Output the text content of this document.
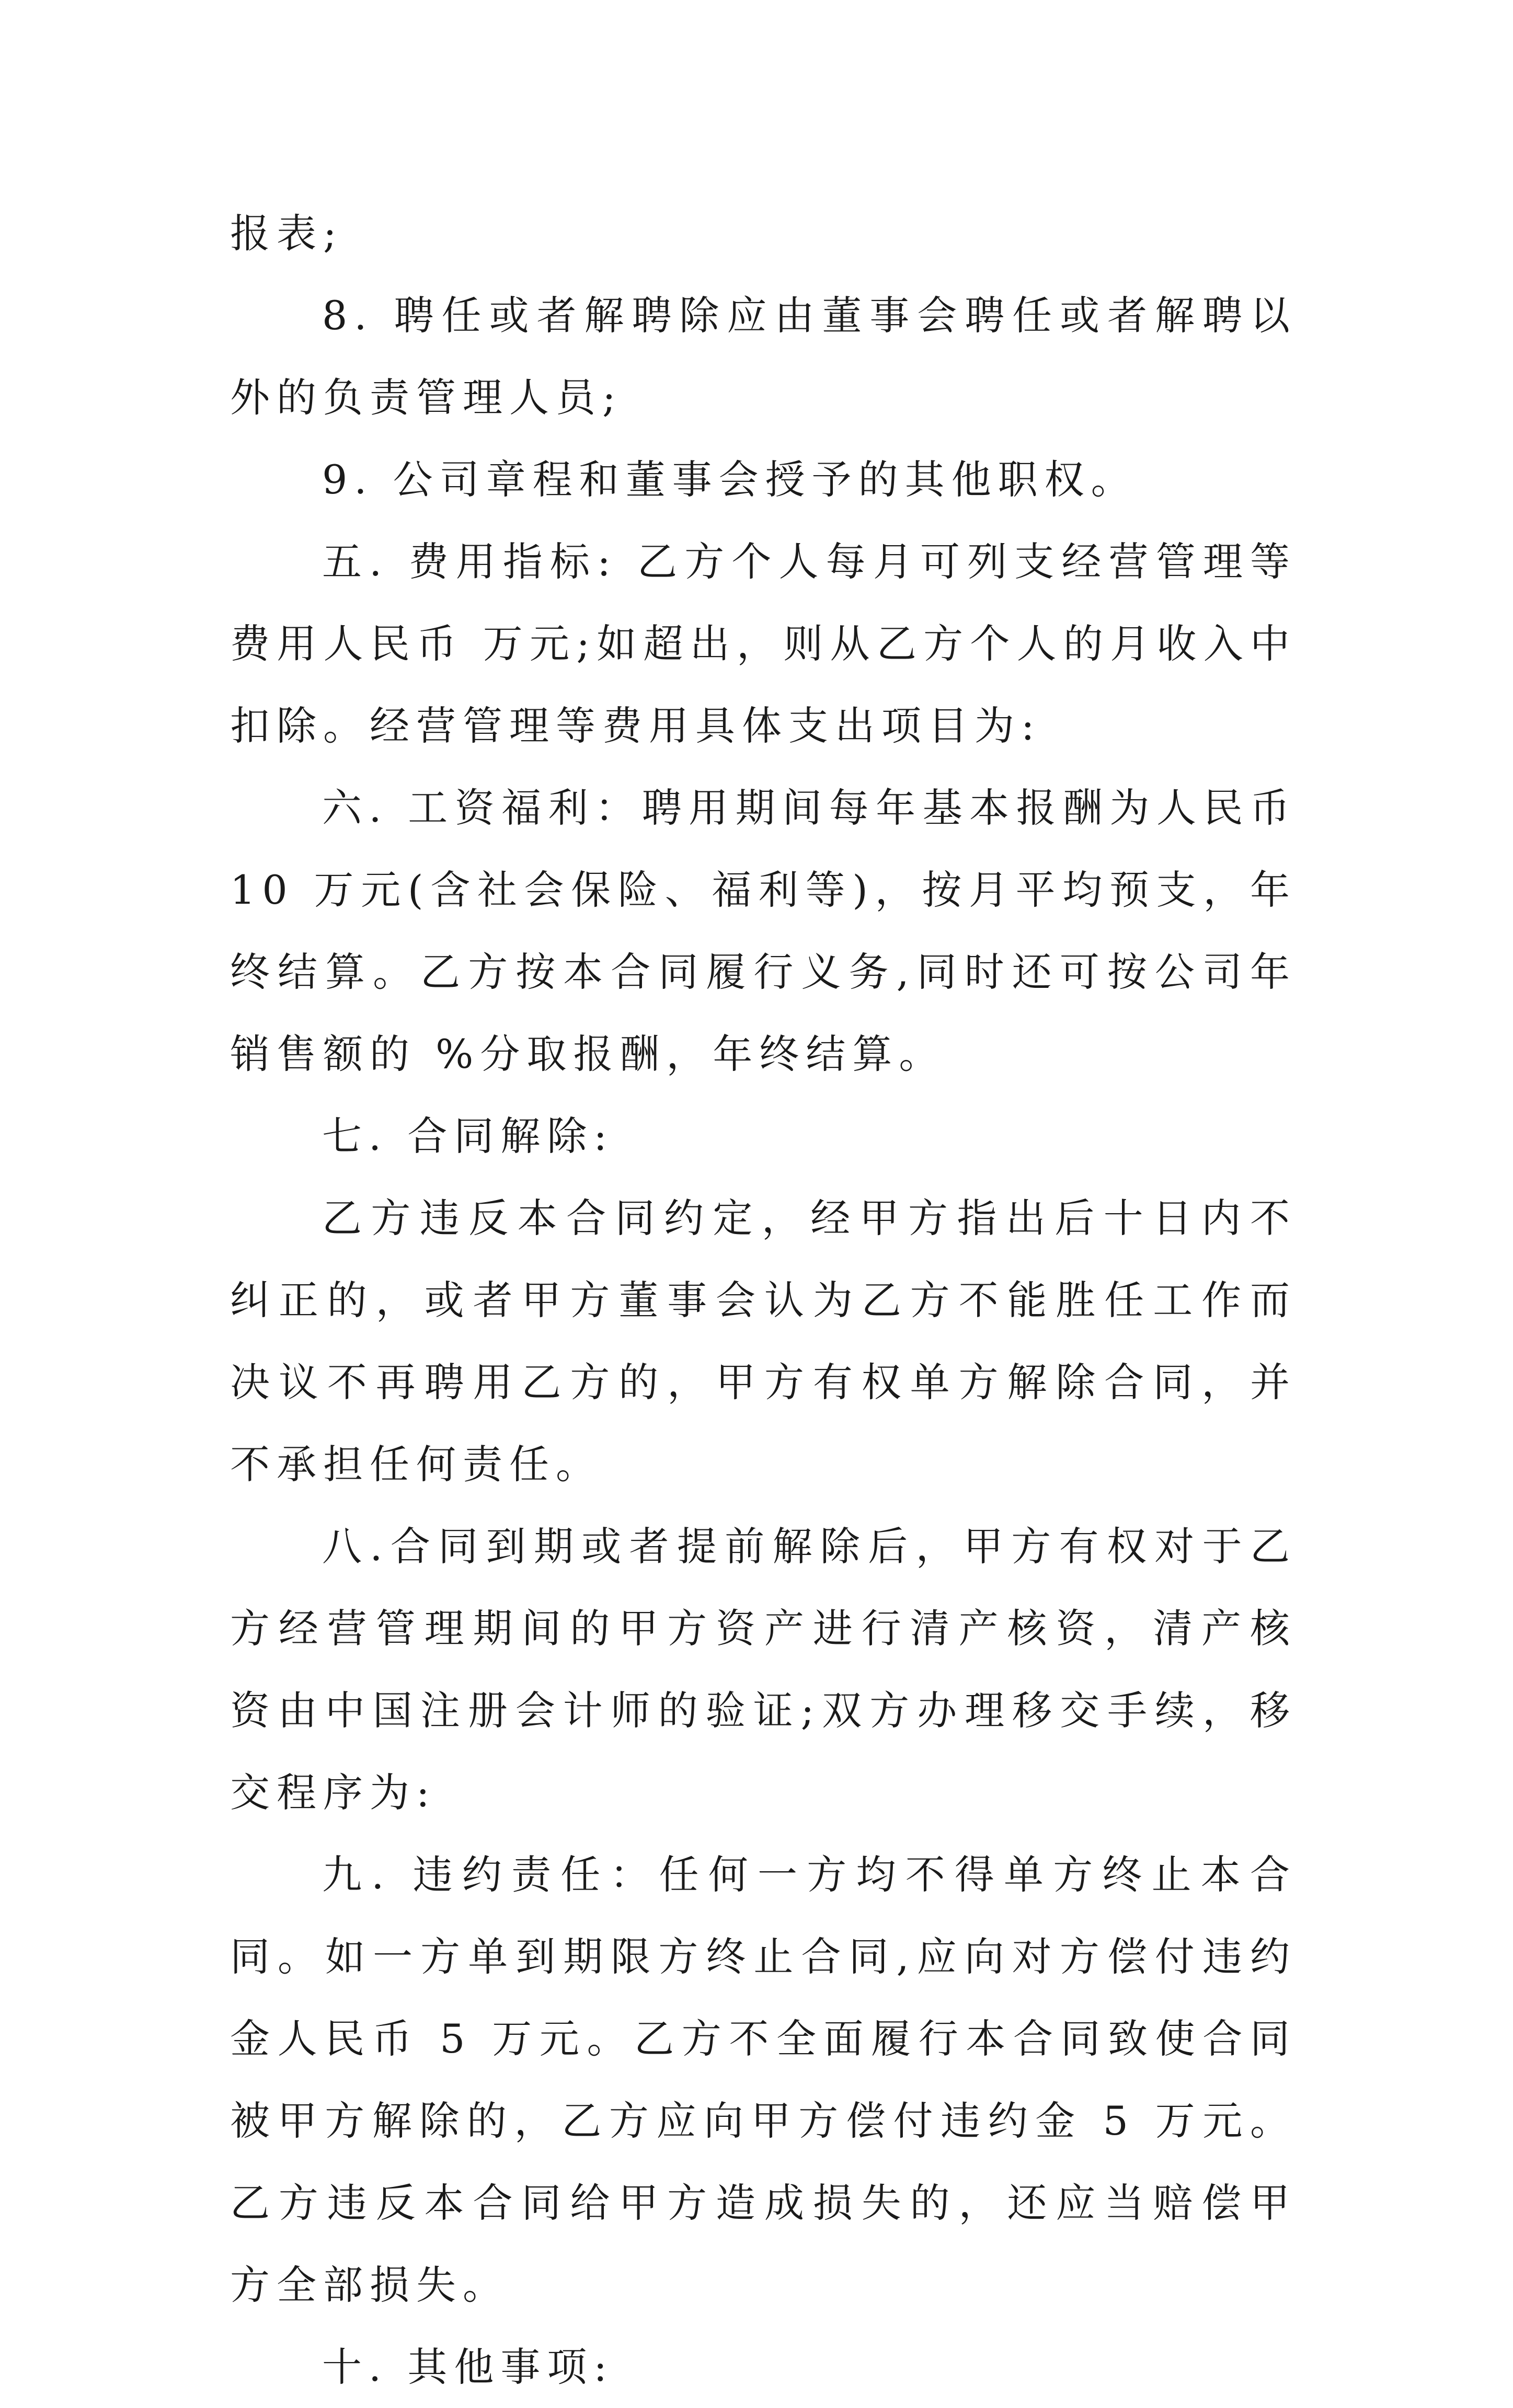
报表;

8. 聘任或者解聘除应由董事会聘任或者解聘以外的负责管理人员;

9. 公司章程和董事会授予的其他职权。

五. 费用指标: 乙方个人每月可列支经营管理等费用人民币 万元;如超出，则从乙方个人的月收入中扣除。经营管理等费用具体支出项目为:

六. 工资福利：聘用期间每年基本报酬为人民币 10 万元(含社会保险、福利等)，按月平均预支，年终结算。乙方按本合同履行义务,同时还可按公司年销售额的 %分取报酬，年终结算。

七. 合同解除:

乙方违反本合同约定，经甲方指出后十日内不纠正的，或者甲方董事会认为乙方不能胜任工作而决议不再聘用乙方的，甲方有权单方解除合同，并不承担任何责任。

八.合同到期或者提前解除后，甲方有权对于乙方经营管理期间的甲方资产进行清产核资，清产核资由中国注册会计师的验证;双方办理移交手续，移交程序为:

九. 违约责任：任何一方均不得单方终止本合同。如一方单到期限方终止合同,应向对方偿付违约金人民币 5 万元。乙方不全面履行本合同致使合同被甲方解除的，乙方应向甲方偿付违约金 5 万元。乙方违反本合同给甲方造成损失的，还应当赔偿甲方全部损失。

十. 其他事项:
